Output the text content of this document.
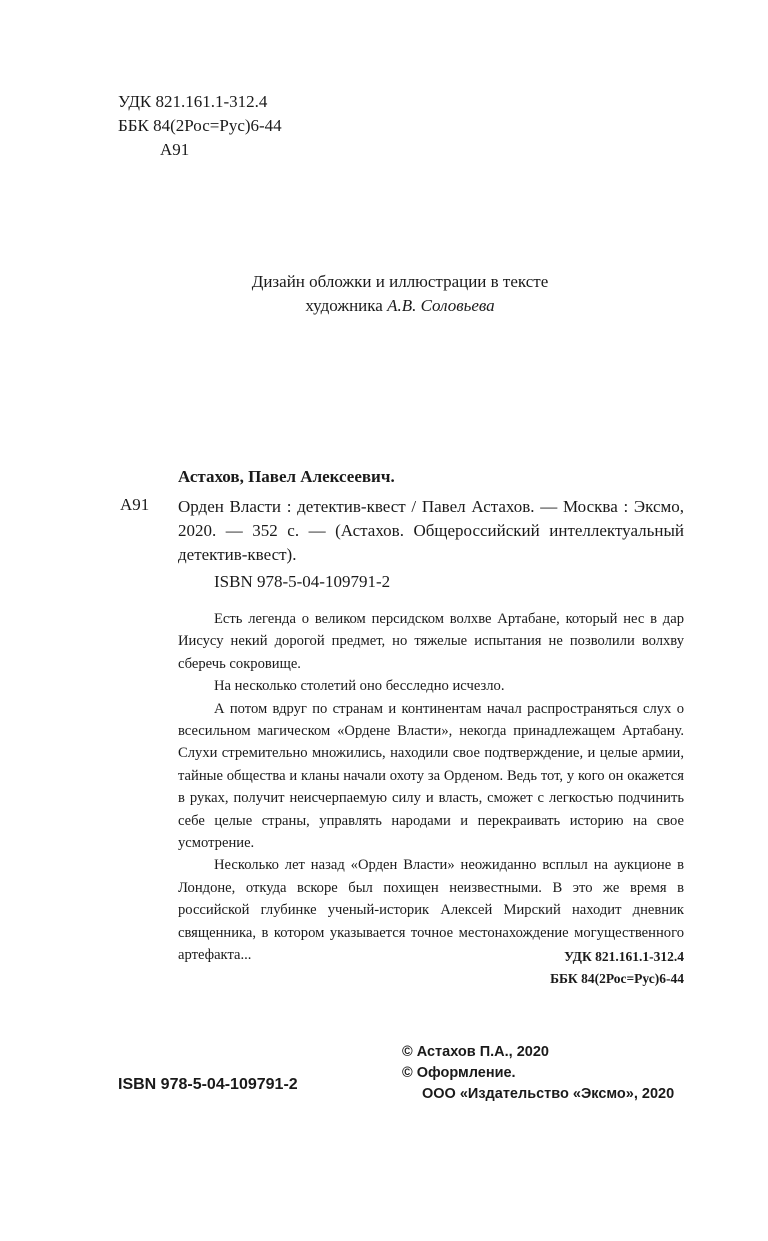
УДК 821.161.1-312.4
ББК 84(2Рос=Рус)6-44
А91
Дизайн обложки и иллюстрации в тексте
художника А.В. Соловьева
Астахов, Павел Алексеевич.
А91 Орден Власти : детектив-квест / Павел Астахов. — Москва : Эксмо, 2020. — 352 с. — (Астахов. Общероссийский интеллектуальный детектив-квест).
ISBN 978-5-04-109791-2

Есть легенда о великом персидском волхве Артабане, который нес в дар Иисусу некий дорогой предмет, но тяжелые испытания не позволили волхву сберечь сокровище.

На несколько столетий оно бесследно исчезло.

А потом вдруг по странам и континентам начал распространяться слух о всесильном магическом «Ордене Власти», некогда принадлежащем Артабану. Слухи стремительно множились, находили свое подтверждение, и целые армии, тайные общества и кланы начали охоту за Орденом. Ведь тот, у кого он окажется в руках, получит неисчерпаемую силу и власть, сможет с легкостью подчинить себе целые страны, управлять народами и перекраивать историю на свое усмотрение.

Несколько лет назад «Орден Власти» неожиданно всплыл на аукционе в Лондоне, откуда вскоре был похищен неизвестными. В это же время в российской глубинке ученый-историк Алексей Мирский находит дневник священника, в котором указывается точное местонахождение могущественного артефакта...	УДК 821.161.1-312.4
ББК 84(2Рос=Рус)6-44
© Астахов П.А., 2020
© Оформление.
ООО «Издательство «Эксмо», 2020
ISBN 978-5-04-109791-2
